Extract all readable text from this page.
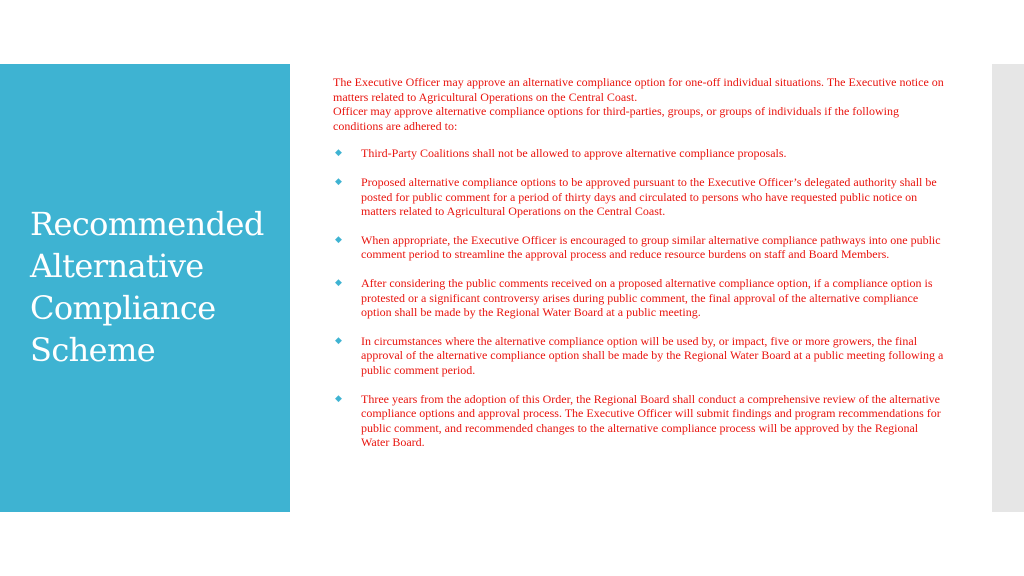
Recommended
Alternative
Compliance
Scheme

The Executive Officer may approve an alternative compliance option for one-off individual situations. The Executive notice on matters related to Agricultural Operations on the Central Coast.

Officer may approve alternative compliance options for third-parties, groups, or groups of individuals if the following conditions are adhered to:

◆ Third-Party Coalitions shall not be allowed to approve alternative compliance proposals.
◆ Proposed alternative compliance options to be approved pursuant to the Executive Officer’s delegated authority shall be posted for public comment for a period of thirty days and circulated to persons who have requested public notice on matters related to Agricultural Operations on the Central Coast.
◆ When appropriate, the Executive Officer is encouraged to group similar alternative compliance pathways into one public comment period to streamline the approval process and reduce resource burdens on staff and Board Members.
◆ After considering the public comments received on a proposed alternative compliance option, if a compliance option is protested or a significant controversy arises during public comment, the final approval of the alternative compliance option shall be made by the Regional Water Board at a public meeting.
◆ In circumstances where the alternative compliance option will be used by, or impact, five or more growers, the final approval of the alternative compliance option shall be made by the Regional Water Board at a public meeting following a public comment period.
◆ Three years from the adoption of this Order, the Regional Board shall conduct a comprehensive review of the alternative compliance options and approval process. The Executive Officer will submit findings and program recommendations for public comment, and recommended changes to the alternative compliance process will be approved by the Regional Water Board.
